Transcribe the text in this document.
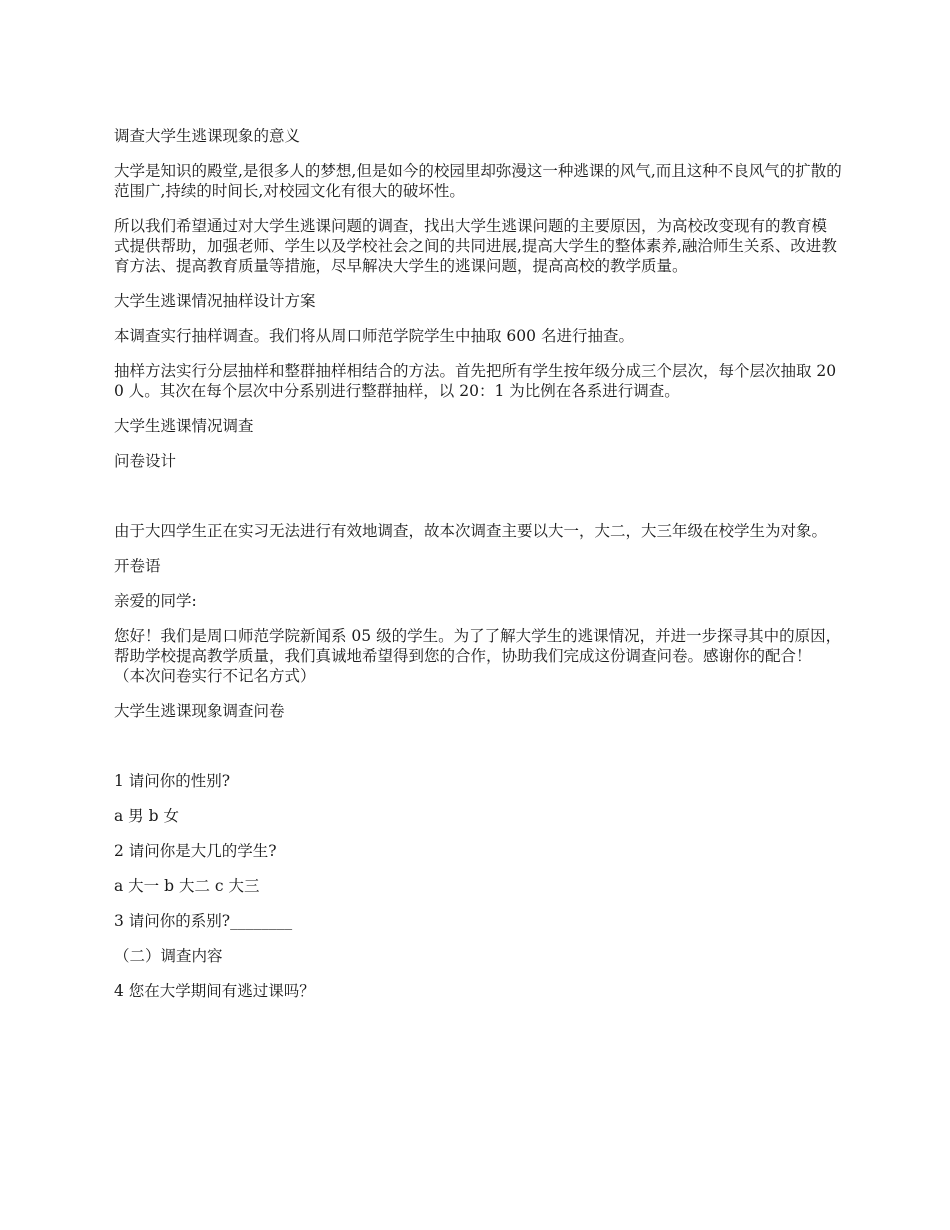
调查大学生逃课现象的意义

大学是知识的殿堂,是很多人的梦想,但是如今的校园里却弥漫这一种逃课的风气,而且这种不良风气的扩散的范围广,持续的时间长,对校园文化有很大的破坏性。

所以我们希望通过对大学生逃课问题的调查，找出大学生逃课问题的主要原因，为高校改变现有的教育模式提供帮助，加强老师、学生以及学校社会之间的共同进展,提高大学生的整体素养,融洽师生关系、改进教育方法、提高教育质量等措施，尽早解决大学生的逃课问题，提高高校的教学质量。

大学生逃课情况抽样设计方案

本调查实行抽样调查。我们将从周口师范学院学生中抽取 600 名进行抽查。

抽样方法实行分层抽样和整群抽样相结合的方法。首先把所有学生按年级分成三个层次，每个层次抽取 200 人。其次在每个层次中分系别进行整群抽样，以 20：1 为比例在各系进行调查。

大学生逃课情况调查

问卷设计

由于大四学生正在实习无法进行有效地调查，故本次调查主要以大一，大二，大三年级在校学生为对象。

开卷语

亲爱的同学:

您好！我们是周口师范学院新闻系 05 级的学生。为了了解大学生的逃课情况，并进一步探寻其中的原因，帮助学校提高教学质量，我们真诚地希望得到您的合作，协助我们完成这份调查问卷。感谢你的配合！（本次问卷实行不记名方式）

大学生逃课现象调查问卷

1 请问你的性别?

a 男 b 女

2 请问你是大几的学生?

a 大一 b 大二 c 大三

3 请问你的系别?________

（二）调查内容

4 您在大学期间有逃过课吗？
